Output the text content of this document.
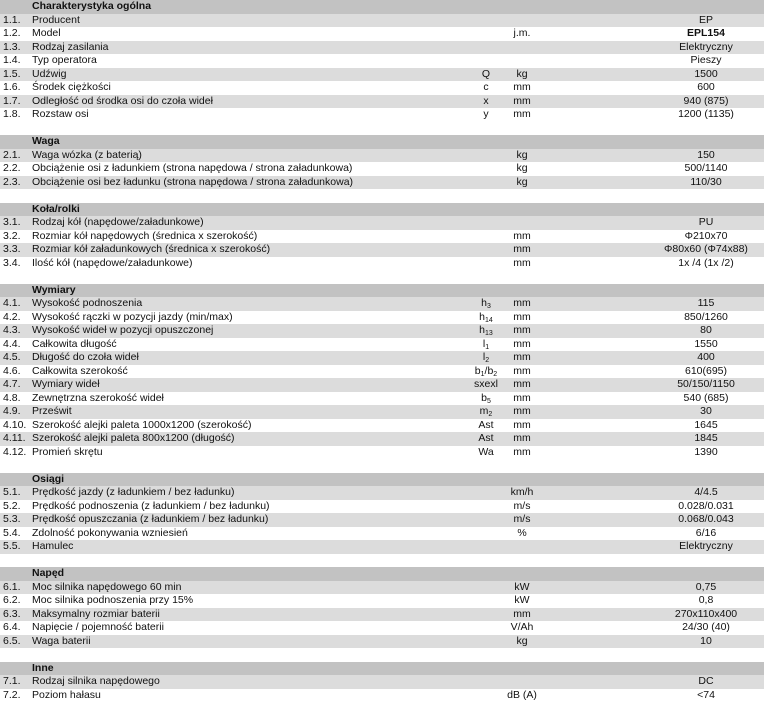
Charakterystyka ogólna
1.1.	Producent	EP
1.2.	Model	j.m.	EPL154
1.3.	Rodzaj zasilania	Elektryczny
1.4.	Typ operatora	Pieszy
1.5.	Udźwig	Q	kg	1500
1.6.	Środek ciężkości	c	mm	600
1.7.	Odległość od środka osi do czoła wideł	x	mm	940 (875)
1.8.	Rozstaw osi	y	mm	1200 (1135)
Waga
2.1.	Waga wózka (z baterią)	kg	150
2.2.	Obciążenie osi z ładunkiem (strona napędowa / strona załadunkowa)	kg	500/1140
2.3.	Obciążenie osi bez ładunku (strona napędowa / strona załadunkowa)	kg	110/30
Koła/rolki
3.1.	Rodzaj kół (napędowe/załadunkowe)	PU
3.2.	Rozmiar kół napędowych (średnica x szerokość)	mm	Φ210x70
3.3.	Rozmiar kół załadunkowych (średnica x szerokość)	mm	Φ80x60 (Φ74x88)
3.4.	Ilość kół (napędowe/załadunkowe)	mm	1x /4 (1x /2)
Wymiary
4.1.	Wysokość podnoszenia	$h_3$	mm	115
4.2.	Wysokość rączki w pozycji jazdy (min/max)	$h_{14}$	mm	850/1260
4.3.	Wysokość wideł w pozycji opuszczonej	$h_{13}$	mm	80
4.4.	Całkowita długość	$l_1$	mm	1550
4.5.	Długość do czoła wideł	$l_2$	mm	400
4.6.	Całkowita szerokość	$b_1/b_2$	mm	610(695)
4.7.	Wymiary wideł	sxexl	mm	50/150/1150
4.8.	Zewnętrzna szerokość wideł	$b_5$	mm	540 (685)
4.9.	Prześwit	$m_2$	mm	30
4.10. Szerokość alejki paleta 1000x1200 (szerokość)	Ast	mm	1645
4.11. Szerokość alejki paleta 800x1200 (długość)	Ast	mm	1845
4.12. Promień skrętu	Wa	mm	1390
Osiągi
5.1.	Prędkość jazdy (z ładunkiem / bez ładunku)	km/h	4/4.5
5.2.	Prędkość podnoszenia (z ładunkiem / bez ładunku)	m/s	0.028/0.031
5.3.	Prędkość opuszczania (z ładunkiem / bez ładunku)	m/s	0.068/0.043
5.4.	Zdolność pokonywania wzniesień	%	6/16
5.5.	Hamulec	Elektryczny
Napęd
6.1.	Moc silnika napędowego 60 min	kW	0,75
6.2.	Moc silnika podnoszenia przy 15%	kW	0,8
6.3.	Maksymalny rozmiar baterii	mm	270x110x400
6.4.	Napięcie / pojemność baterii	V/Ah	24/30 (40)
6.5.	Waga baterii	kg	10
Inne
7.1.	Rodzaj silnika napędowego	DC
7.2.	Poziom hałasu	dB (A)	<74
